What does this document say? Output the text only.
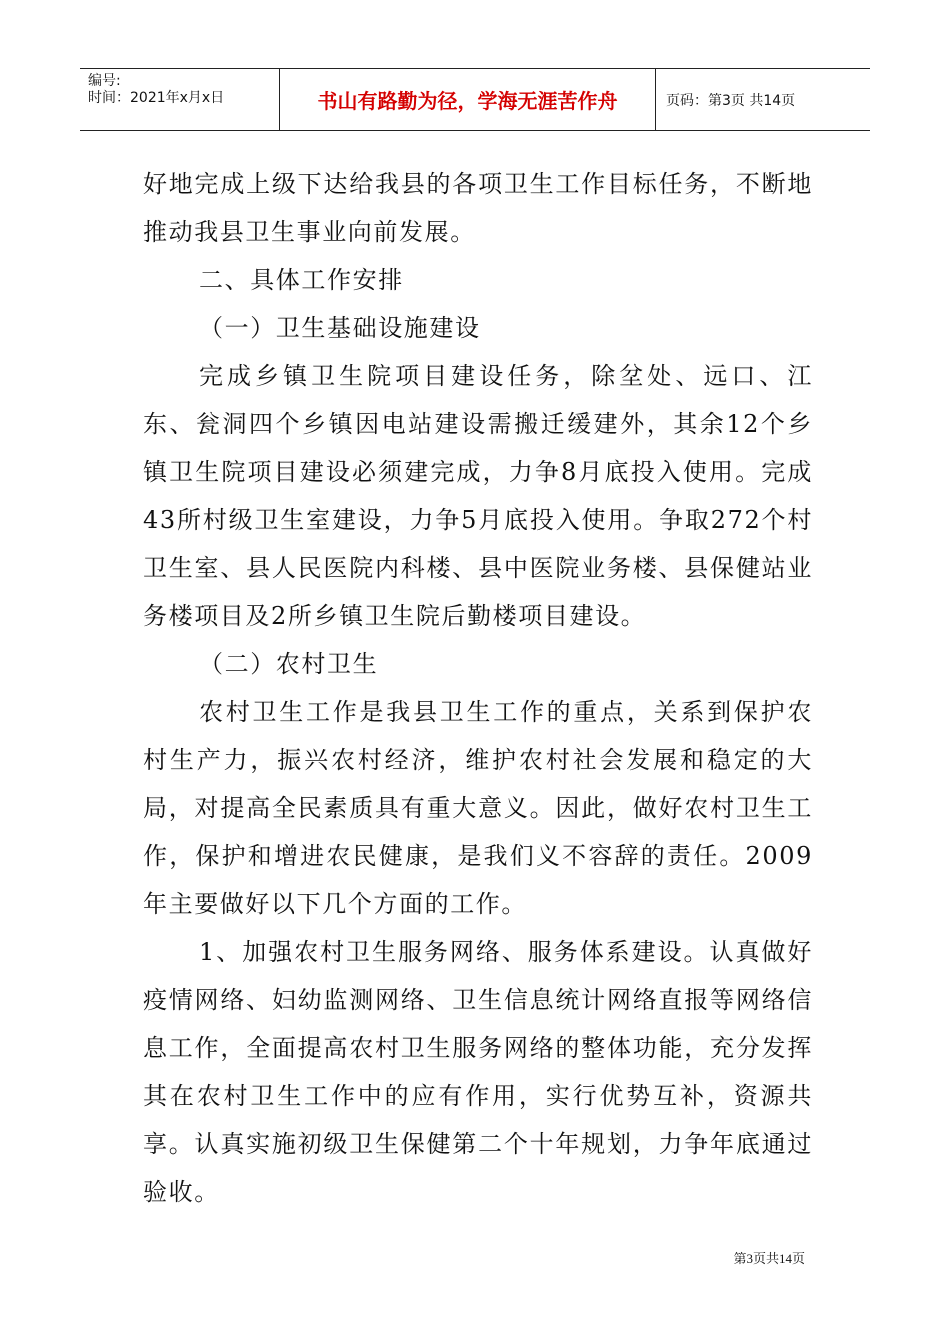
编号:
时间：2021年x月x日	书山有路勤为径，学海无涯苦作舟	页码：第3页 共14页

好地完成上级下达给我县的各项卫生工作目标任务，不断地推动我县卫生事业向前发展。

二、具体工作安排

（一）卫生基础设施建设

完成乡镇卫生院项目建设任务，除坌处、远口、江东、瓮洞四个乡镇因电站建设需搬迁缓建外，其余12个乡镇卫生院项目建设必须建完成，力争8月底投入使用。完成43所村级卫生室建设，力争5月底投入使用。争取272个村卫生室、县人民医院内科楼、县中医院业务楼、县保健站业务楼项目及2所乡镇卫生院后勤楼项目建设。

（二）农村卫生

农村卫生工作是我县卫生工作的重点，关系到保护农村生产力，振兴农村经济，维护农村社会发展和稳定的大局，对提高全民素质具有重大意义。因此，做好农村卫生工作，保护和增进农民健康，是我们义不容辞的责任。2009年主要做好以下几个方面的工作。

1、加强农村卫生服务网络、服务体系建设。认真做好疫情网络、妇幼监测网络、卫生信息统计网络直报等网络信息工作，全面提高农村卫生服务网络的整体功能，充分发挥其在农村卫生工作中的应有作用，实行优势互补，资源共享。认真实施初级卫生保健第二个十年规划，力争年底通过验收。

第3页共14页
